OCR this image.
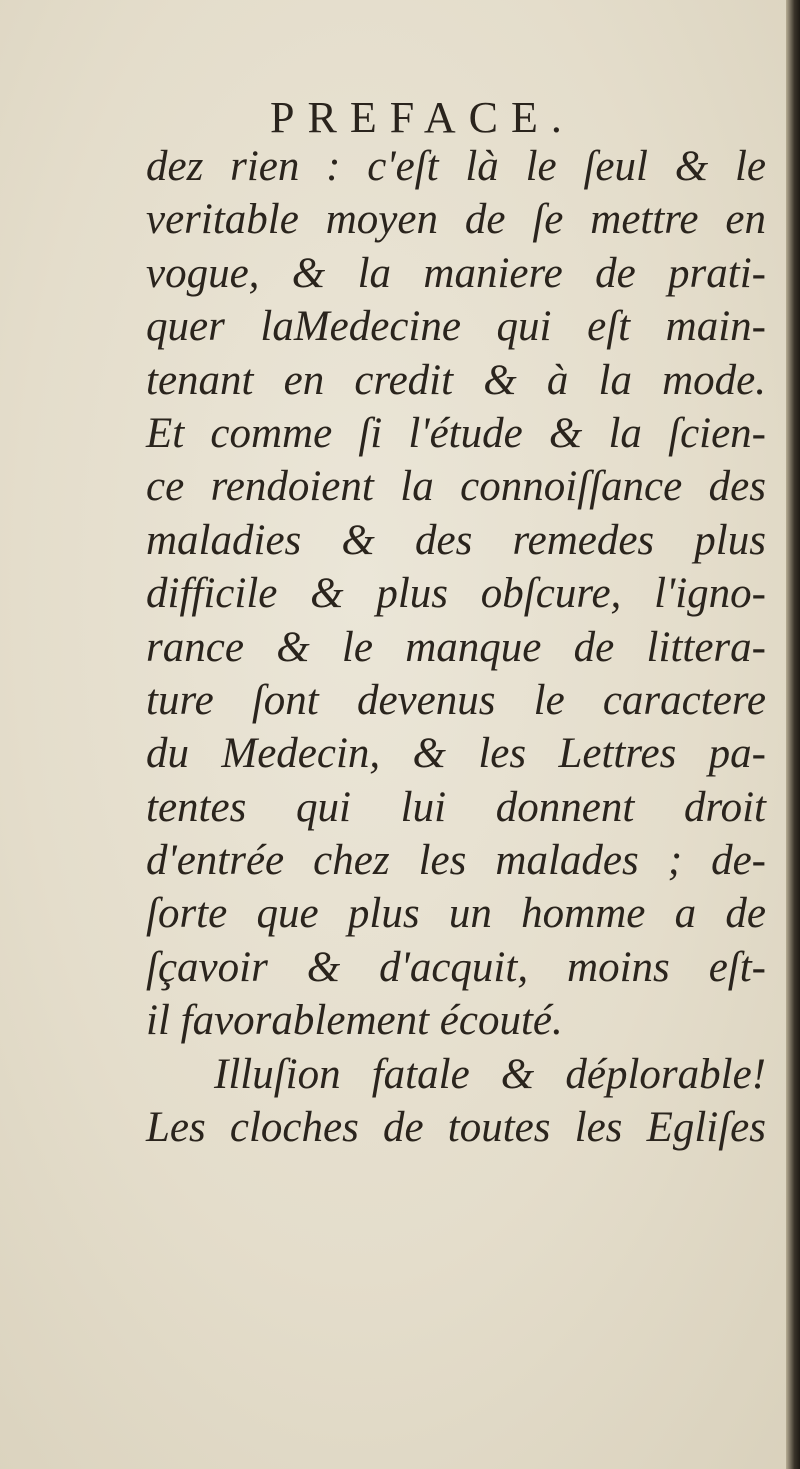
PREFACE.
dez rien : c'eſt là le ſeul & le
veritable moyen de ſe mettre en
vogue, & la maniere de prati-
quer laMedecine qui eſt main-
tenant en credit & à la mode.
Et comme ſi l'étude & la ſcien-
ce rendoient la connoiſſance des
maladies & des remedes plus
difficile & plus obſcure, l'igno-
rance & le manque de littera-
ture ſont devenus le caractere
du Medecin, & les Lettres pa-
tentes qui lui donnent droit
d'entrée chez les malades ; de-
ſorte que plus un homme a de
ſçavoir & d'acquit, moins eſt-
il favorablement écouté.
Illuſion fatale & déplorable!
Les cloches de toutes les Egliſes
